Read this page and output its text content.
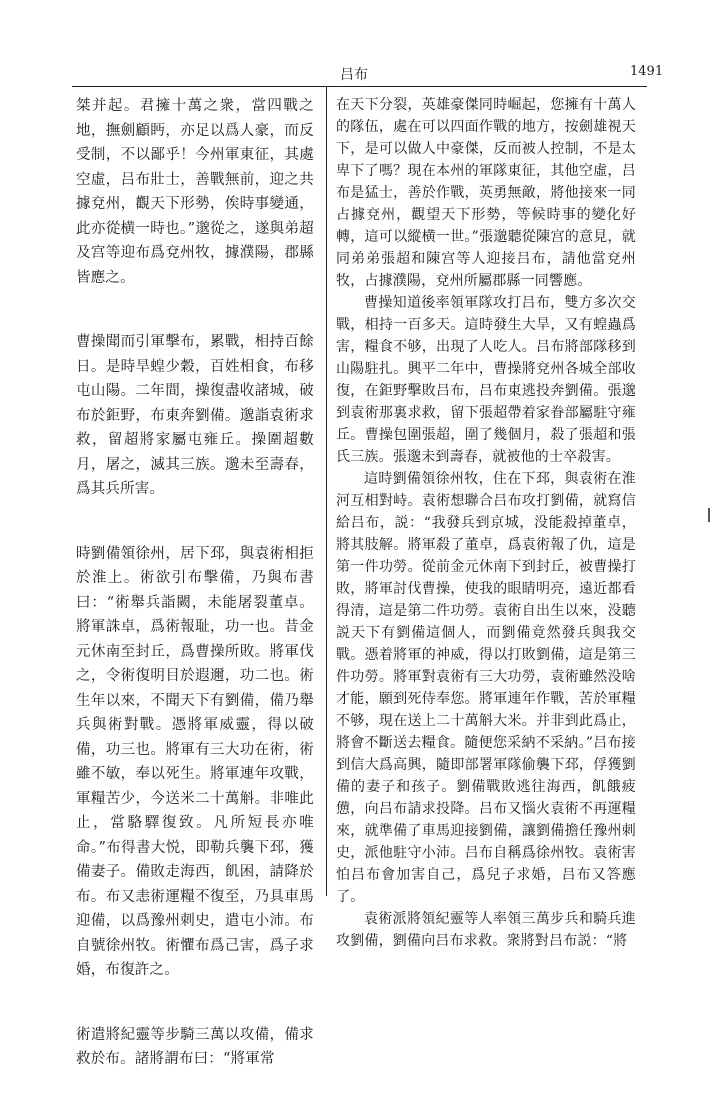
吕布	1491

桀并起。君擁十萬之衆，當四戰之地，撫劍顧眄，亦足以爲人豪，而反受制，不以鄙乎！今州軍東征，其處空虛，吕布壯士，善戰無前，迎之共據兗州，觀天下形勢，俟時事變通，此亦從横一時也。”邈從之，遂與弟超及宫等迎布爲兗州牧，據濮陽，郡縣皆應之。

曹操聞而引軍擊布，累戰，相持百餘日。是時旱蝗少穀，百姓相食，布移屯山陽。二年間，操復盡收諸城，破布於鉅野，布東奔劉備。邈詣袁術求救，留超將家屬屯雍丘。操圍超數月，屠之，滅其三族。邈未至壽春，爲其兵所害。

時劉備領徐州，居下邳，與袁術相拒於淮上。術欲引布擊備，乃與布書曰：“術舉兵詣闕，未能屠裂董卓。將軍誅卓，爲術報耻，功一也。昔金元休南至封丘，爲曹操所敗。將軍伐之，令術復明目於遐邇，功二也。術生年以來，不聞天下有劉備，備乃舉兵與術對戰。憑將軍威靈，得以破備，功三也。將軍有三大功在術，術雖不敏，奉以死生。將軍連年攻戰，軍糧苦少，今送米二十萬斛。非唯此止，當駱驛復致。凡所短長亦唯命。”布得書大悦，即勒兵襲下邳，獲備妻子。備敗走海西，飢困，請降於布。布又恚術運糧不復至，乃具車馬迎備，以爲豫州刺史，遣屯小沛。布自號徐州牧。術懼布爲己害，爲子求婚，布復許之。

術遣將紀靈等步騎三萬以攻備，備求救於布。諸將謂布曰：“將軍常

在天下分裂，英雄豪傑同時崛起，您擁有十萬人的隊伍，處在可以四面作戰的地方，按劍雄視天下，是可以做人中豪傑，反而被人控制，不是太卑下了嗎？現在本州的軍隊東征，其他空虛，吕布是猛士，善於作戰，英勇無敵，將他接來一同占據兗州，觀望天下形勢，等候時事的變化好轉，這可以縱横一世。”張邈聽從陳宫的意見，就同弟弟張超和陳宫等人迎接吕布，請他當兗州牧，占據濮陽，兗州所屬郡縣一同響應。

曹操知道後率領軍隊攻打吕布，雙方多次交戰，相持一百多天。這時發生大旱，又有蝗蟲爲害，糧食不够，出現了人吃人。吕布將部隊移到山陽駐扎。興平二年中，曹操將兗州各城全部收復，在鉅野擊敗吕布，吕布東逃投奔劉備。張邈到袁術那裏求救，留下張超帶着家眷部屬駐守雍丘。曹操包圍張超，圍了幾個月，殺了張超和張氏三族。張邈未到壽春，就被他的士卒殺害。

這時劉備領徐州牧，住在下邳，與袁術在淮河互相對峙。袁術想聯合吕布攻打劉備，就寫信給吕布，説：“我發兵到京城，没能殺掉董卓，將其肢解。將軍殺了董卓，爲袁術報了仇，這是第一件功勞。從前金元休南下到封丘，被曹操打敗，將軍討伐曹操，使我的眼睛明亮，遠近都看得清，這是第二件功勞。袁術自出生以來，没聽説天下有劉備這個人，而劉備竟然發兵與我交戰。憑着將軍的神威，得以打敗劉備，這是第三件功勞。將軍對袁術有三大功勞，袁術雖然没啥才能，願到死侍奉您。將軍連年作戰，苦於軍糧不够，現在送上二十萬斛大米。并非到此爲止，將會不斷送去糧食。隨便您采納不采納。”吕布接到信大爲高興，隨即部署軍隊偷襲下邳，俘獲劉備的妻子和孩子。劉備戰敗逃往海西，飢餓疲憊，向吕布請求投降。吕布又惱火袁術不再運糧來，就準備了車馬迎接劉備，讓劉備擔任豫州刺史，派他駐守小沛。吕布自稱爲徐州牧。袁術害怕吕布會加害自己，爲兒子求婚，吕布又答應了。

袁術派將領紀靈等人率領三萬步兵和騎兵進攻劉備，劉備向吕布求救。衆將對吕布説：“將
